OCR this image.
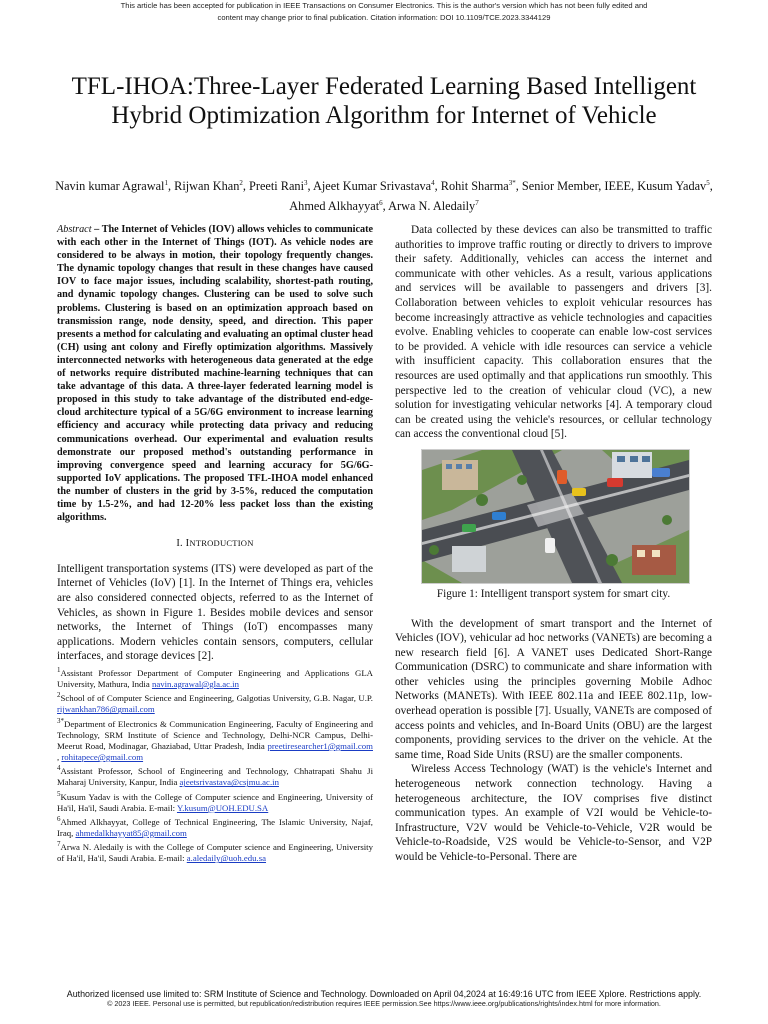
This article has been accepted for publication in IEEE Transactions on Consumer Electronics. This is the author's version which has not been fully edited and
content may change prior to final publication. Citation information: DOI 10.1109/TCE.2023.3344129
TFL-IHOA:Three-Layer Federated Learning Based Intelligent Hybrid Optimization Algorithm for Internet of Vehicle
Navin kumar Agrawal$^1$, Rijwan Khan$^2$, Preeti Rani$^3$, Ajeet Kumar Srivastava$^4$, Rohit Sharma$^{3*}$, Senior Member, IEEE, Kusum Yadav$^5$, Ahmed Alkhayyat$^6$, Arwa N. Aledaily$^7$

Abstract – The Internet of Vehicles (IOV) allows vehicles to communicate with each other in the Internet of Things (IOT). As vehicle nodes are considered to be always in motion, their topology frequently changes. The dynamic topology changes that result in these changes have caused IOV to face major issues, including scalability, shortest-path routing, and dynamic topology changes. Clustering can be used to solve such problems. Clustering is based on an optimization approach based on transmission range, node density, speed, and direction. This paper presents a method for calculating and evaluating an optimal cluster head (CH) using ant colony and Firefly optimization algorithms. Massively interconnected networks with heterogeneous data generated at the edge of networks require distributed machine-learning techniques that can take advantage of this data. A three-layer federated learning model is proposed in this study to take advantage of the distributed end-edge-cloud architecture typical of a 5G/6G environment to increase learning efficiency and accuracy while protecting data privacy and reducing communications overhead. Our experimental and evaluation results demonstrate our proposed method's outstanding performance in improving convergence speed and learning accuracy for 5G/6G-supported IoV applications. The proposed TFL-IHOA model enhanced the number of clusters in the grid by 3-5%, reduced the computation time by 1.5-2%, and had 12-20% less packet loss than the existing algorithms.

I. INTRODUCTION

Intelligent transportation systems (ITS) were developed as part of the Internet of Vehicles (IoV) [1]. In the Internet of Things era, vehicles are also considered connected objects, referred to as the Internet of Vehicles, as shown in Figure 1. Besides mobile devices and sensor networks, the Internet of Things (IoT) encompasses many applications. Modern vehicles contain sensors, computers, cellular interfaces, and storage devices [2].

$^1$Assistant Professor Department of Computer Engineering and Applications GLA University, Mathura, India navin.agrawal@gla.ac.in

$^2$School of of Computer Science and Engineering, Galgotias University, G.B. Nagar, U.P. rijwankhan786@gmail.com

$^{3*}$Department of Electronics & Communication Engineering, Faculty of Engineering and Technology, SRM Institute of Science and Technology, Delhi-NCR Campus, Delhi-Meerut Road, Modinagar, Ghaziabad, Uttar Pradesh, India preetiresearcher1@gmail.com , rohitapece@gmail.com

$^4$Assistant Professor, School of Engineering and Technology, Chhatrapati Shahu Ji Maharaj University, Kanpur, India ajeetsrivastava@csjmu.ac.in

$^5$Kusum Yadav is with the College of Computer science and Engineering, University of Ha'il, Ha'il, Saudi Arabia. E-mail: Y.kusum@UOH.EDU.SA

$^6$Ahmed Alkhayyat, College of Technical Engineering, The Islamic University, Najaf, Iraq, ahmedalkhayyat85@gmail.com

$^7$Arwa N. Aledaily is with the College of Computer science and Engineering, University of Ha'il, Ha'il, Saudi Arabia. E-mail: a.aledaily@uoh.edu.sa

Data collected by these devices can also be transmitted to traffic authorities to improve traffic routing or directly to drivers to improve their safety. Additionally, vehicles can access the internet and communicate with other vehicles. As a result, various applications and services will be available to passengers and drivers [3]. Collaboration between vehicles to exploit vehicular resources has become increasingly attractive as vehicle technologies and capacities evolve. Enabling vehicles to cooperate can enable low-cost services to be provided. A vehicle with idle resources can service a vehicle with insufficient capacity. This collaboration ensures that the resources are used optimally and that applications run smoothly. This perspective led to the creation of vehicular cloud (VC), a new solution for investigating vehicular networks [4]. A temporary cloud can be created using the vehicle's resources, or cellular technology can access the conventional cloud [5].

Figure 1: Intelligent transport system for smart city.

With the development of smart transport and the Internet of Vehicles (IOV), vehicular ad hoc networks (VANETs) are becoming a new research field [6]. A VANET uses Dedicated Short-Range Communication (DSRC) to communicate and share information with other vehicles using the principles governing Mobile Adhoc Networks (MANETs). With IEEE 802.11a and IEEE 802.11p, low-overhead operation is possible [7]. Usually, VANETs are composed of access points and vehicles, and In-Board Units (OBU) are the largest components, providing services to the driver on the vehicle. At the same time, Road Side Units (RSU) are the smaller components.

Wireless Access Technology (WAT) is the vehicle's Internet and heterogeneous network connection technology. Having a heterogeneous architecture, the IOV comprises five distinct communication types. An example of V2I would be Vehicle-to-Infrastructure, V2V would be Vehicle-to-Vehicle, V2R would be Vehicle-to-Roadside, V2S would be Vehicle-to-Sensor, and V2P would be Vehicle-to-Personal. There are

Authorized licensed use limited to: SRM Institute of Science and Technology. Downloaded on April 04,2024 at 16:49:16 UTC from IEEE Xplore. Restrictions apply.
© 2023 IEEE. Personal use is permitted, but republication/redistribution requires IEEE permission.See https://www.ieee.org/publications/rights/index.html for more information.
